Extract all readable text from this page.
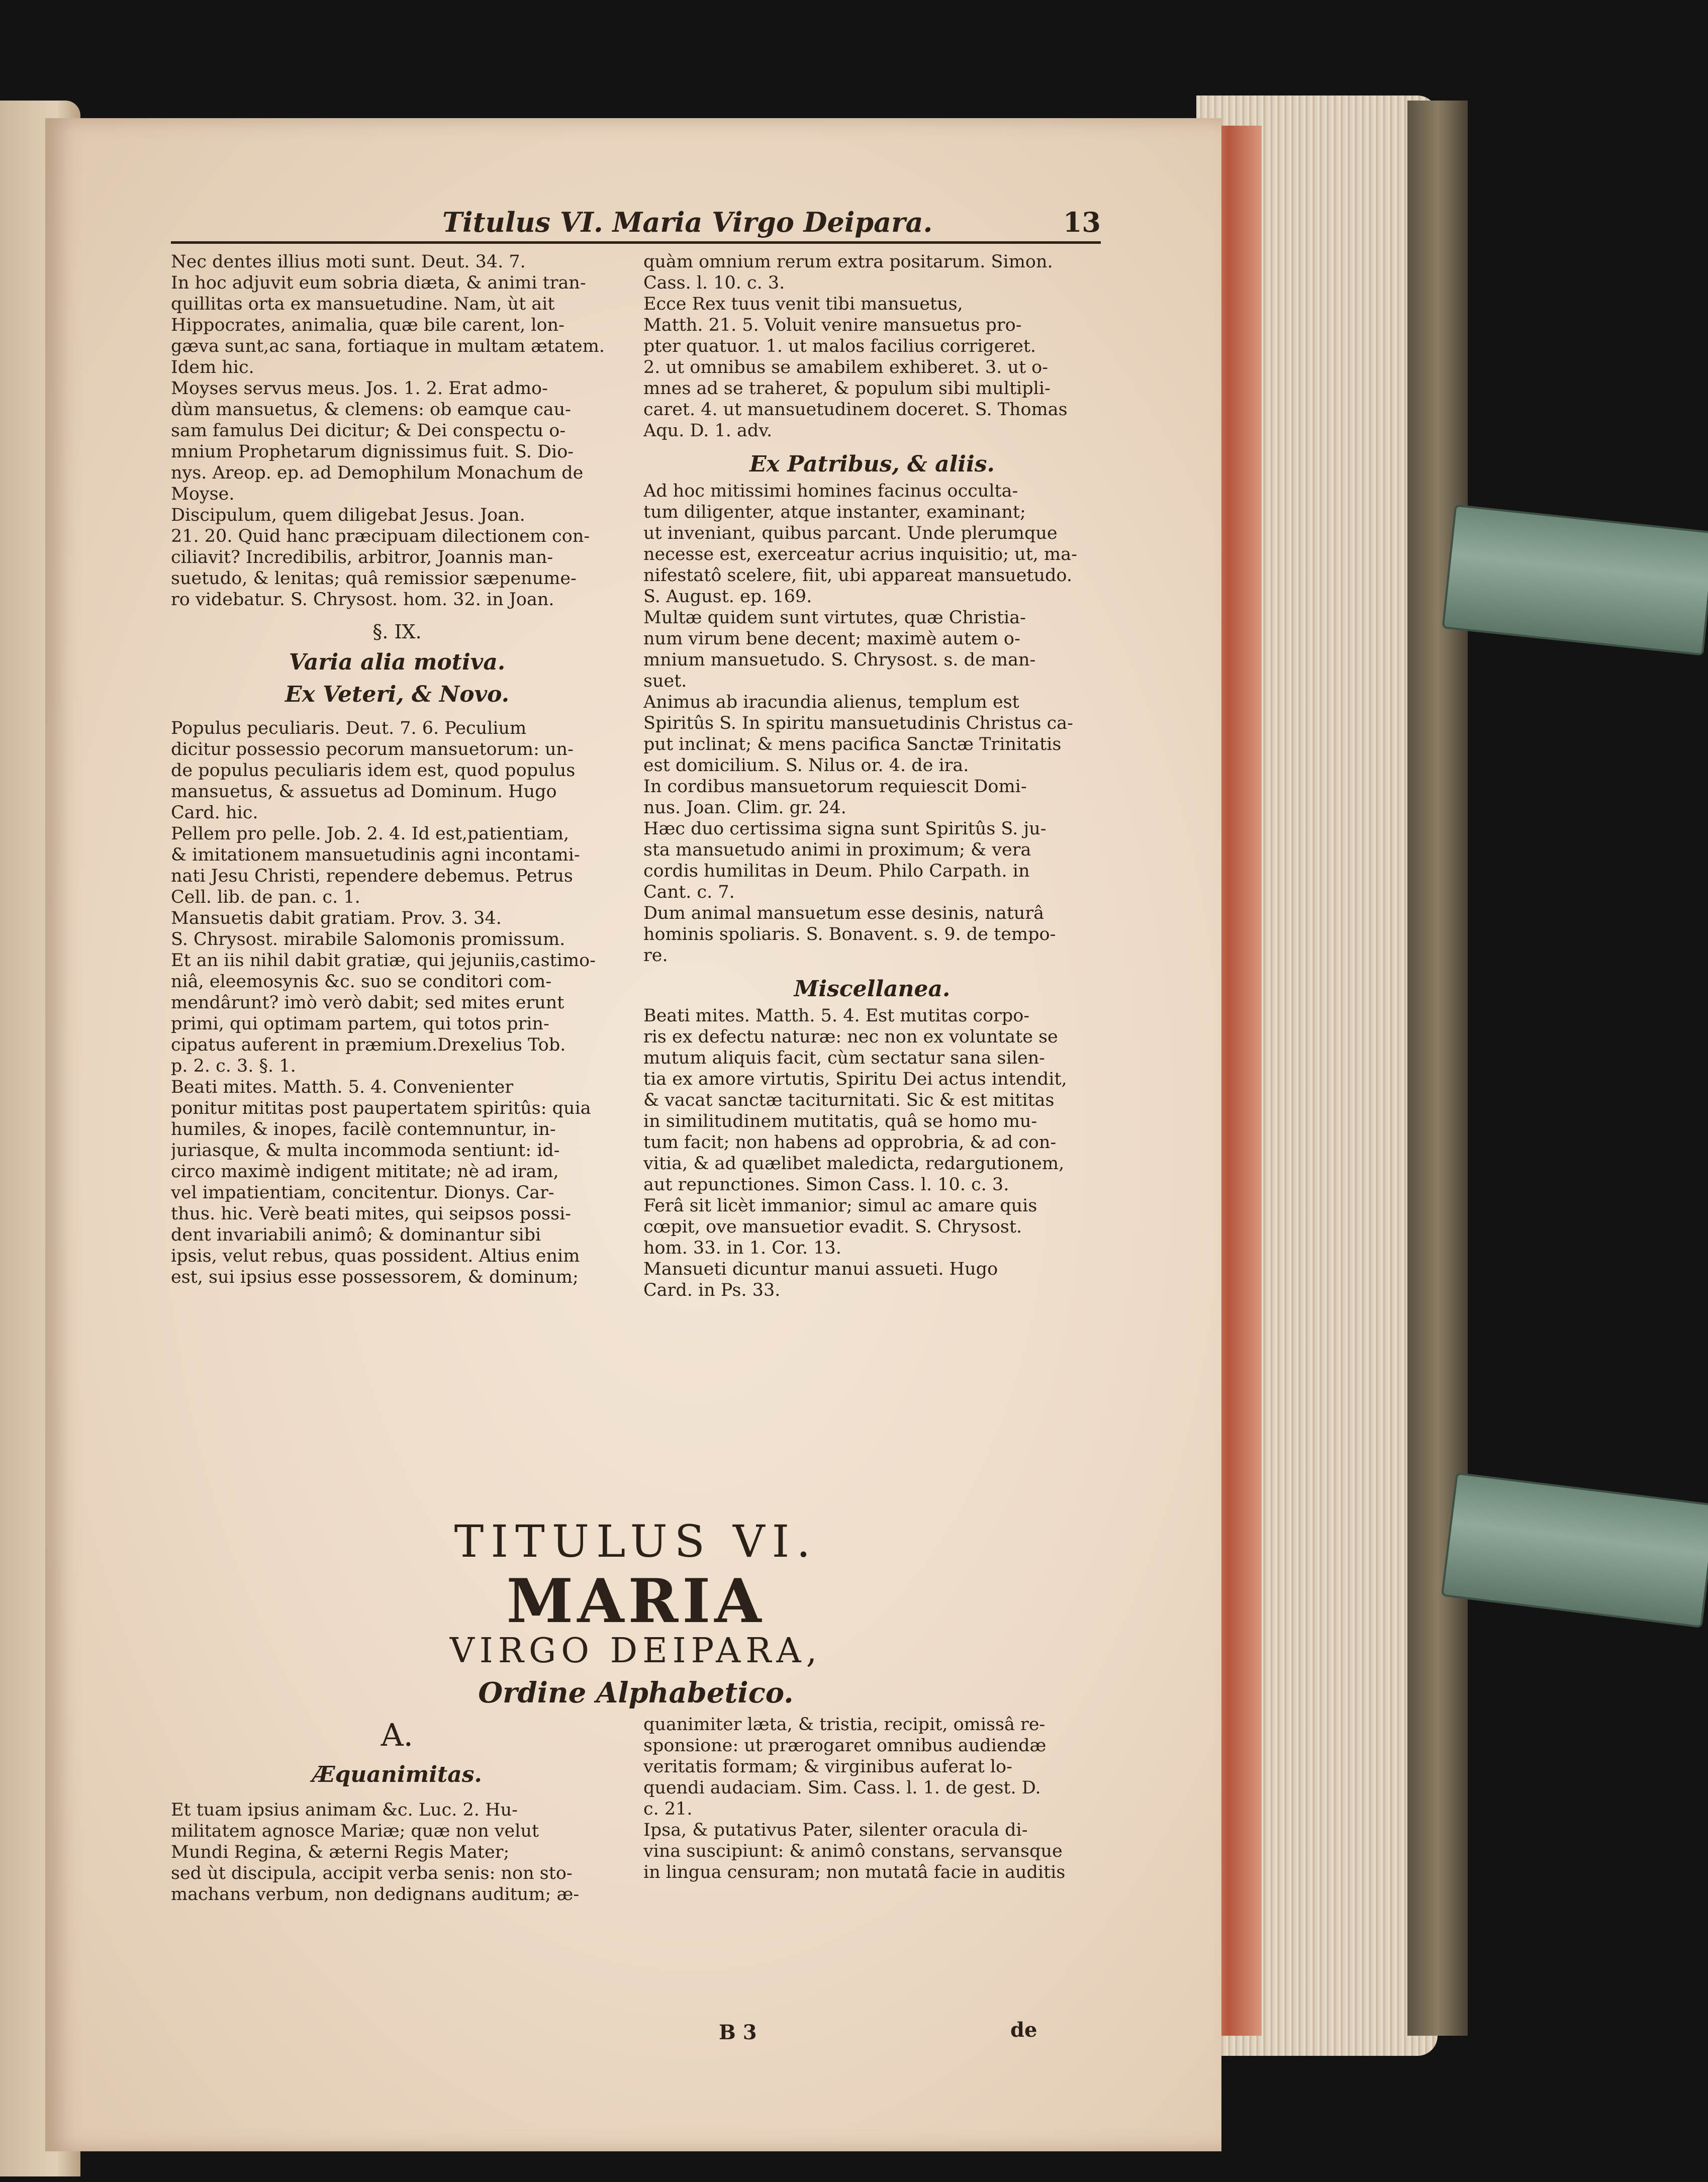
Titulus VI. Maria Virgo Deipara.	13
Nec dentes illius moti sunt. Deut. 34. 7.
In hoc adjuvit eum sobria diæta, & animi tran-
quillitas orta ex mansuetudine. Nam, ùt ait
Hippocrates, animalia, quæ bile carent, lon-
gæva sunt,ac sana, fortiaque in multam ætatem.
Idem hic.
Moyses servus meus. Jos. 1. 2. Erat admo-
dùm mansuetus, & clemens: ob eamque cau-
sam famulus Dei dicitur; & Dei conspectu o-
mnium Prophetarum dignissimus fuit. S. Dio-
nys. Areop. ep. ad Demophilum Monachum de
Moyse.
Discipulum, quem diligebat Jesus. Joan.
21. 20. Quid hanc præcipuam dilectionem con-
ciliavit? Incredibilis, arbitror, Joannis man-
suetudo, & lenitas; quâ remissior sæpenume-
ro videbatur. S. Chrysost. hom. 32. in Joan.
§. IX.
Varia alia motiva.
Ex Veteri, & Novo.
Populus peculiaris. Deut. 7. 6. Peculium
dicitur possessio pecorum mansuetorum: un-
de populus peculiaris idem est, quod populus
mansuetus, & assuetus ad Dominum. Hugo
Card. hic.
Pellem pro pelle. Job. 2. 4. Id est,patientiam,
& imitationem mansuetudinis agni incontami-
nati Jesu Christi, rependere debemus. Petrus
Cell. lib. de pan. c. 1.
Mansuetis dabit gratiam. Prov. 3. 34.
S. Chrysost. mirabile Salomonis promissum.
Et an iis nihil dabit gratiæ, qui jejuniis,castimo-
niâ, eleemosynis &c. suo se conditori com-
mendârunt? imò verò dabit; sed mites erunt
primi, qui optimam partem, qui totos prin-
cipatus auferent in præmium.Drexelius Tob.
p. 2. c. 3. §. 1.
Beati mites. Matth. 5. 4. Convenienter
ponitur mititas post paupertatem spiritûs: quia
humiles, & inopes, facilè contemnuntur, in-
juriasque, & multa incommoda sentiunt: id-
circo maximè indigent mititate; nè ad iram,
vel impatientiam, concitentur. Dionys. Car-
thus. hic. Verè beati mites, qui seipsos possi-
dent invariabili animô; & dominantur sibi
ipsis, velut rebus, quas possident. Altius enim
est, sui ipsius esse possessorem, & dominum;
quàm omnium rerum extra positarum. Simon.
Cass. l. 10. c. 3.
Ecce Rex tuus venit tibi mansuetus,
Matth. 21. 5. Voluit venire mansuetus pro-
pter quatuor. 1. ut malos facilius corrigeret.
2. ut omnibus se amabilem exhiberet. 3. ut o-
mnes ad se traheret, & populum sibi multipli-
caret. 4. ut mansuetudinem doceret. S. Thomas
Aqu. D. 1. adv.
Ex Patribus, & aliis.
Ad hoc mitissimi homines facinus occulta-
tum diligenter, atque instanter, examinant;
ut inveniant, quibus parcant. Unde plerumque
necesse est, exerceatur acrius inquisitio; ut, ma-
nifestatô scelere, fiit, ubi appareat mansuetudo.
S. August. ep. 169.
Multæ quidem sunt virtutes, quæ Christia-
num virum bene decent; maximè autem o-
mnium mansuetudo. S. Chrysost. s. de man-
suet.
Animus ab iracundia alienus, templum est
Spiritûs S. In spiritu mansuetudinis Christus ca-
put inclinat; & mens pacifica Sanctæ Trinitatis
est domicilium. S. Nilus or. 4. de ira.
In cordibus mansuetorum requiescit Domi-
nus. Joan. Clim. gr. 24.
Hæc duo certissima signa sunt Spiritûs S. ju-
sta mansuetudo animi in proximum; & vera
cordis humilitas in Deum. Philo Carpath. in
Cant. c. 7.
Dum animal mansuetum esse desinis, naturâ
hominis spoliaris. S. Bonavent. s. 9. de tempo-
re.
Miscellanea.
Beati mites. Matth. 5. 4. Est mutitas corpo-
ris ex defectu naturæ: nec non ex voluntate se
mutum aliquis facit, cùm sectatur sana silen-
tia ex amore virtutis, Spiritu Dei actus intendit,
& vacat sanctæ taciturnitati. Sic & est mititas
in similitudinem mutitatis, quâ se homo mu-
tum facit; non habens ad opprobria, & ad con-
vitia, & ad quælibet maledicta, redargutionem,
aut repunctiones. Simon Cass. l. 10. c. 3.
Ferâ sit licèt immanior; simul ac amare quis
cœpit, ove mansuetior evadit. S. Chrysost.
hom. 33. in 1. Cor. 13.
Mansueti dicuntur manui assueti. Hugo
Card. in Ps. 33.
TITULUS VI.
MARIA
VIRGO DEIPARA,
Ordine Alphabetico.
A.
Æquanimitas.
Et tuam ipsius animam &c. Luc. 2. Hu-
militatem agnosce Mariæ; quæ non velut
Mundi Regina, & æterni Regis Mater;
sed ùt discipula, accipit verba senis: non sto-
machans verbum, non dedignans auditum; æ-
quanimiter læta, & tristia, recipit, omissâ re-
sponsione: ut prærogaret omnibus audiendæ
veritatis formam; & virginibus auferat lo-
quendi audaciam. Sim. Cass. l. 1. de gest. D.
c. 21.
Ipsa, & putativus Pater, silenter oracula di-
vina suscipiunt: & animô constans, servansque
in lingua censuram; non mutatâ facie in auditis
B 3	de
